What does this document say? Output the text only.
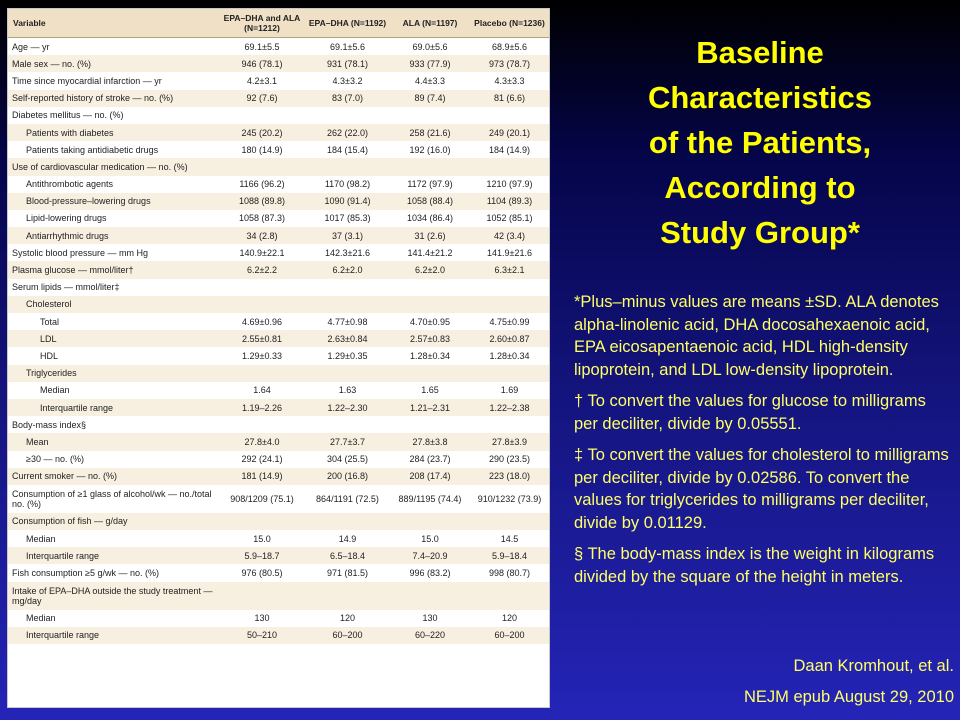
Variable	EPA–DHA and ALA (N=1212)	EPA–DHA (N=1192)	ALA (N=1197)	Placebo (N=1236)
Age — yr	69.1±5.5	69.1±5.6	69.0±5.6	68.9±5.6
Male sex — no. (%)	946 (78.1)	931 (78.1)	933 (77.9)	973 (78.7)
Time since myocardial infarction — yr	4.2±3.1	4.3±3.2	4.4±3.3	4.3±3.3
Self-reported history of stroke — no. (%)	92 (7.6)	83 (7.0)	89 (7.4)	81 (6.6)
Diabetes mellitus — no. (%)				
Patients with diabetes	245 (20.2)	262 (22.0)	258 (21.6)	249 (20.1)
Patients taking antidiabetic drugs	180 (14.9)	184 (15.4)	192 (16.0)	184 (14.9)
Use of cardiovascular medication — no. (%)				
Antithrombotic agents	1166 (96.2)	1170 (98.2)	1172 (97.9)	1210 (97.9)
Blood-pressure–lowering drugs	1088 (89.8)	1090 (91.4)	1058 (88.4)	1104 (89.3)
Lipid-lowering drugs	1058 (87.3)	1017 (85.3)	1034 (86.4)	1052 (85.1)
Antiarrhythmic drugs	34 (2.8)	37 (3.1)	31 (2.6)	42 (3.4)
Systolic blood pressure — mm Hg	140.9±22.1	142.3±21.6	141.4±21.2	141.9±21.6
Plasma glucose — mmol/liter†	6.2±2.2	6.2±2.0	6.2±2.0	6.3±2.1
Serum lipids — mmol/liter‡				
Cholesterol				
Total	4.69±0.96	4.77±0.98	4.70±0.95	4.75±0.99
LDL	2.55±0.81	2.63±0.84	2.57±0.83	2.60±0.87
HDL	1.29±0.33	1.29±0.35	1.28±0.34	1.28±0.34
Triglycerides				
Median	1.64	1.63	1.65	1.69
Interquartile range	1.19–2.26	1.22–2.30	1.21–2.31	1.22–2.38
Body-mass index§				
Mean	27.8±4.0	27.7±3.7	27.8±3.8	27.8±3.9
≥30 — no. (%)	292 (24.1)	304 (25.5)	284 (23.7)	290 (23.5)
Current smoker — no. (%)	181 (14.9)	200 (16.8)	208 (17.4)	223 (18.0)
Consumption of ≥1 glass of alcohol/wk — no./total no. (%)	908/1209 (75.1)	864/1191 (72.5)	889/1195 (74.4)	910/1232 (73.9)
Consumption of fish — g/day				
Median	15.0	14.9	15.0	14.5
Interquartile range	5.9–18.7	6.5–18.4	7.4–20.9	5.9–18.4
Fish consumption ≥5 g/wk — no. (%)	976 (80.5)	971 (81.5)	996 (83.2)	998 (80.7)
Intake of EPA–DHA outside the study treatment — mg/day				
Median	130	120	130	120
Interquartile range	50–210	60–200	60–220	60–200
Baseline
Characteristics
of the Patients,
According to
Study Group*

*Plus–minus values are means ±SD. ALA denotes alpha-linolenic acid, DHA docosahexaenoic acid, EPA eicosapentaenoic acid, HDL high-density lipoprotein, and LDL low-density lipoprotein.

† To convert the values for glucose to milligrams per deciliter, divide by 0.05551.

‡ To convert the values for cholesterol to milligrams per deciliter, divide by 0.02586. To convert the values for triglycerides to milligrams per deciliter, divide by 0.01129.

§ The body-mass index is the weight in kilograms divided by the square of the height in meters.

Daan Kromhout, et al.
NEJM epub August 29, 2010
